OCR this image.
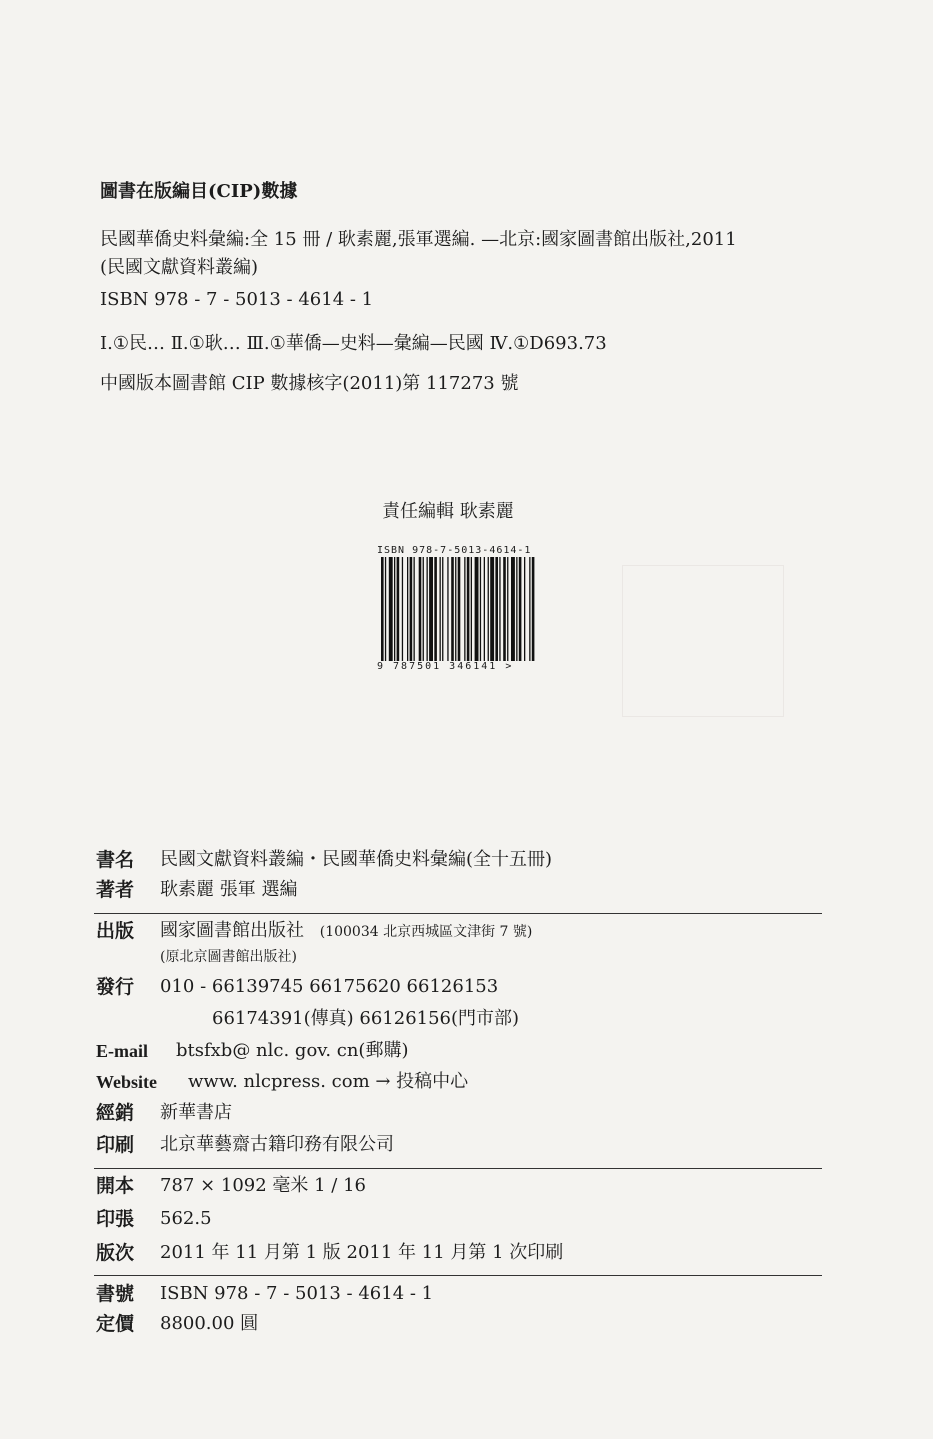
圖書在版編目(CIP)數據
民國華僑史料彙編:全 15 冊 / 耿素麗,張軍選編. —北京:國家圖書館出版社,2011
(民國文獻資料叢編)
ISBN 978 - 7 - 5013 - 4614 - 1
Ⅰ.①民… Ⅱ.①耿… Ⅲ.①華僑—史料—彙編—民國 Ⅳ.①D693.73
中國版本圖書館 CIP 數據核字(2011)第 117273 號
責任編輯 耿素麗
ISBN 978-7-5013-4614-1
9 787501 346141 >
書名 民國文獻資料叢編・民國華僑史料彙編(全十五冊)
著者 耿素麗 張軍 選編
出版 國家圖書館出版社 (100034 北京西城區文津街 7 號)
(原北京圖書館出版社)
發行 010 - 66139745 66175620 66126153
66174391(傳真) 66126156(門市部)
E-mail btsfxb@ nlc. gov. cn(郵購)
Website www. nlcpress. com → 投稿中心
經銷 新華書店
印刷 北京華藝齋古籍印務有限公司
開本 787 × 1092 毫米 1 / 16
印張 562.5
版次 2011 年 11 月第 1 版 2011 年 11 月第 1 次印刷
書號 ISBN 978 - 7 - 5013 - 4614 - 1
定價 8800.00 圓
